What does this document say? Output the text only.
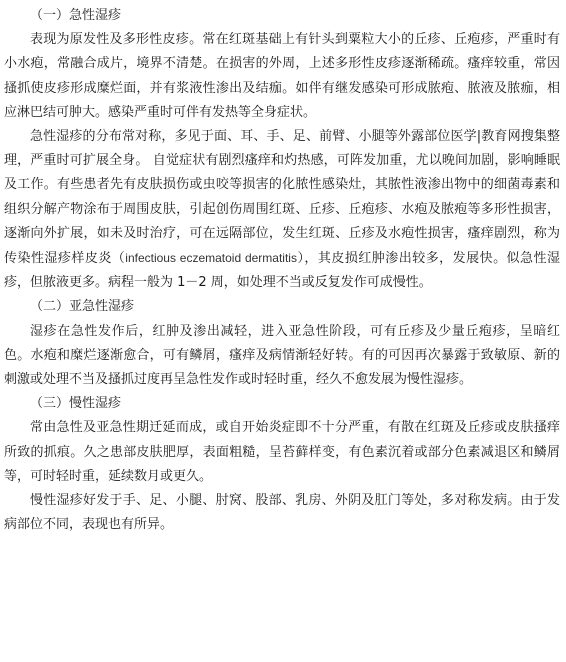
（一）急性湿疹

表现为原发性及多形性皮疹。常在红斑基础上有针头到粟粒大小的丘疹、丘疱疹，严重时有小水疱，常融合成片，境界不清楚。在损害的外周，上述多形性皮疹逐渐稀疏。瘙痒较重，常因搔抓使皮疹形成糜烂面，并有浆液性渗出及结痂。如伴有继发感染可形成脓疱、脓液及脓痂，相应淋巴结可肿大。感染严重时可伴有发热等全身症状。

急性湿疹的分布常对称，多见于面、耳、手、足、前臂、小腿等外露部位医学|教育网搜集整理，严重时可扩展全身。 自觉症状有剧烈瘙痒和灼热感，可阵发加重，尤以晚间加剧，影响睡眠及工作。有些患者先有皮肤损伤或虫咬等损害的化脓性感染灶，其脓性液渗出物中的细菌毒素和组织分解产物涂布于周围皮肤，引起创伤周围红斑、丘疹、丘疱疹、水疱及脓疱等多形性损害，逐渐向外扩展，如未及时治疗，可在远隔部位，发生红斑、丘疹及水疱性损害，瘙痒剧烈，称为传染性湿疹样皮炎（infectious eczematoid dermatitis），其皮损红肿渗出较多，发展快。似急性湿疹，但脓液更多。病程一般为 1－2 周，如处理不当或反复发作可成慢性。

（二）亚急性湿疹

湿疹在急性发作后，红肿及渗出减轻，进入亚急性阶段，可有丘疹及少量丘疱疹，呈暗红色。水疱和糜烂逐渐愈合，可有鳞屑，瘙痒及病情渐轻好转。有的可因再次暴露于致敏原、新的刺激或处理不当及搔抓过度再呈急性发作或时轻时重，经久不愈发展为慢性湿疹。

（三）慢性湿疹

常由急性及亚急性期迁延而成，或自开始炎症即不十分严重，有散在红斑及丘疹或皮肤搔痒所致的抓痕。久之患部皮肤肥厚，表面粗糙，呈苔藓样变，有色素沉着或部分色素减退区和鳞屑等，可时轻时重，延续数月或更久。

慢性湿疹好发于手、足、小腿、肘窝、股部、乳房、外阴及肛门等处，多对称发病。由于发病部位不同，表现也有所异。
